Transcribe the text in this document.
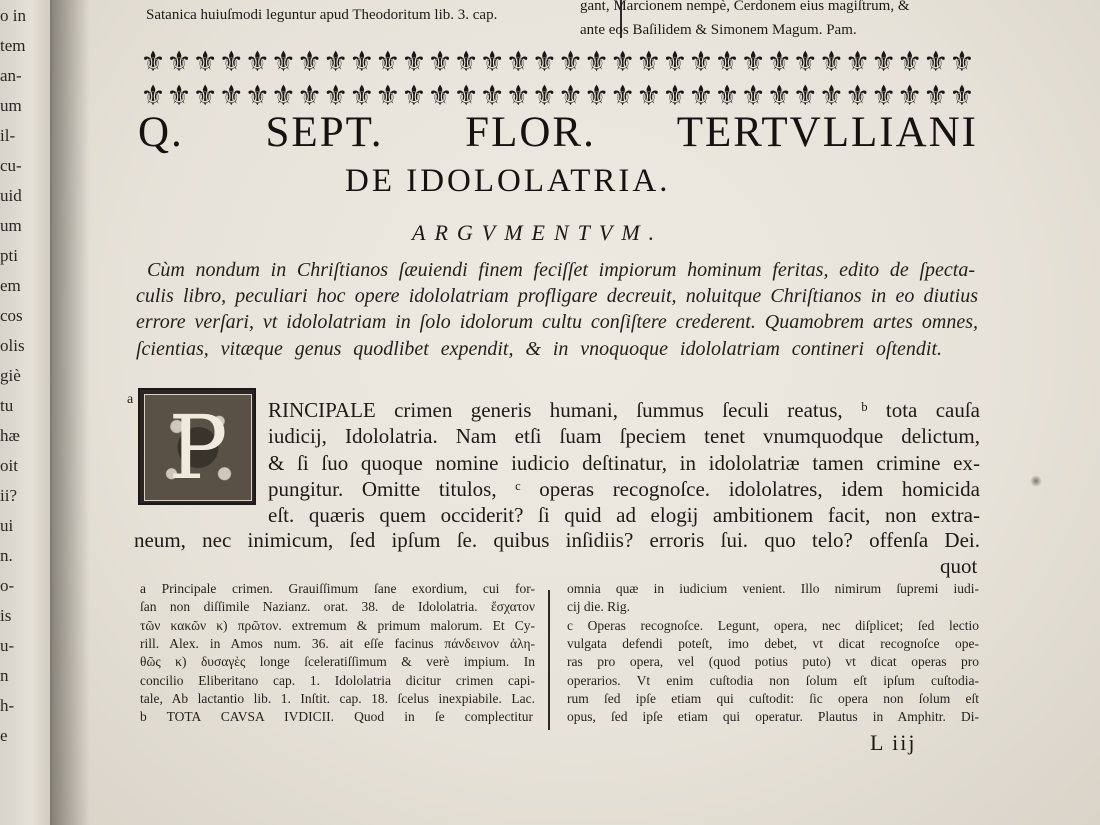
o in
tem
an-
um
il-
cu-
uid
um
pti
em
cos
olis
giè
tu
hæ
oit
ii?
ui
n.
o-
is
u-
n
h-
e
Satanica huiuſmodi leguntur apud Theodoritum lib. 3. cap.
gant, Marcionem nempè, Cerdonem eius magiſtrum, &
ante eos Baſilidem & Simonem Magum. Pam.
⚜ ⚜ ⚜ ⚜ ⚜ ⚜ ⚜ ⚜ ⚜ ⚜ ⚜ ⚜ ⚜ ⚜ ⚜ ⚜ ⚜ ⚜ ⚜ ⚜ ⚜ ⚜ ⚜ ⚜ ⚜ ⚜ ⚜ ⚜ ⚜ ⚜ ⚜ ⚜
⚜ ⚜ ⚜ ⚜ ⚜ ⚜ ⚜ ⚜ ⚜ ⚜ ⚜ ⚜ ⚜ ⚜ ⚜ ⚜ ⚜ ⚜ ⚜ ⚜ ⚜ ⚜ ⚜ ⚜ ⚜ ⚜ ⚜ ⚜ ⚜ ⚜ ⚜ ⚜
Q. SEPT. FLOR. TERTVLLIANI
DE IDOLOLATRIA.
ARGVMENTVM.
Cùm nondum in Chriſtianos ſæuiendi finem feciſſet impiorum hominum feritas, edito de ſpecta-
culis libro, peculiari hoc opere idololatriam profligare decreuit, noluitque Chriſtianos in eo diutius
errore verſari, vt idololatriam in ſolo idolorum cultu conſiſtere crederent. Quamobrem artes omnes,
ſcientias, vitæque genus quodlibet expendit, & in vnoquoque idololatriam contineri oſtendit.
a P	RINCIPALE crimen generis humani, ſummus ſeculi reatus, ᵇ tota cauſa
iudicij, Idololatria. Nam etſi ſuam ſpeciem tenet vnumquodque delictum,
& ſi ſuo quoque nomine iudicio deſtinatur, in idololatriæ tamen crimine ex-
pungitur. Omitte titulos, ᶜ operas recognoſce. idololatres, idem homicida
eſt. quæris quem occiderit? ſi quid ad elogij ambitionem facit, non extra-
neum, nec inimicum, ſed ipſum ſe. quibus inſidiis? erroris ſui. quo telo? offenſa Dei.
quot
a Principale crimen. Grauiſſimum ſane exordium, cui for-
ſan non diſſimile Nazianz. orat. 38. de Idololatria. ἔσχατον
τῶν κακῶν κ) πρῶτον. extremum & primum malorum. Et Cy-
rill. Alex. in Amos num. 36. ait eſſe facinus πάνδεινον ἀλη-
θῶς κ) δυσαγὲς longe ſceleratiſſimum & verè impium. In
concilio Eliberitano cap. 1. Idololatria dicitur crimen capi-
tale, Ab lactantio lib. 1. Inſtit. cap. 18. ſcelus inexpiabile. Lac.
b TOTA CAVSA IVDICII. Quod in ſe complectitur
omnia quæ in iudicium venient. Illo nimirum ſupremi iudi-
cij die. Rig.
c Operas recognoſce. Legunt, opera, nec diſplicet; ſed lectio
vulgata defendi poteſt, imo debet, vt dicat recognoſce ope-
ras pro opera, vel (quod potius puto) vt dicat operas pro
operarios. Vt enim cuſtodia non ſolum eſt ipſum cuſtodia-
rum ſed ipſe etiam qui cuſtodit: ſic opera non ſolum eſt
opus, ſed ipſe etiam qui operatur. Plautus in Amphitr. Di-
L iij
